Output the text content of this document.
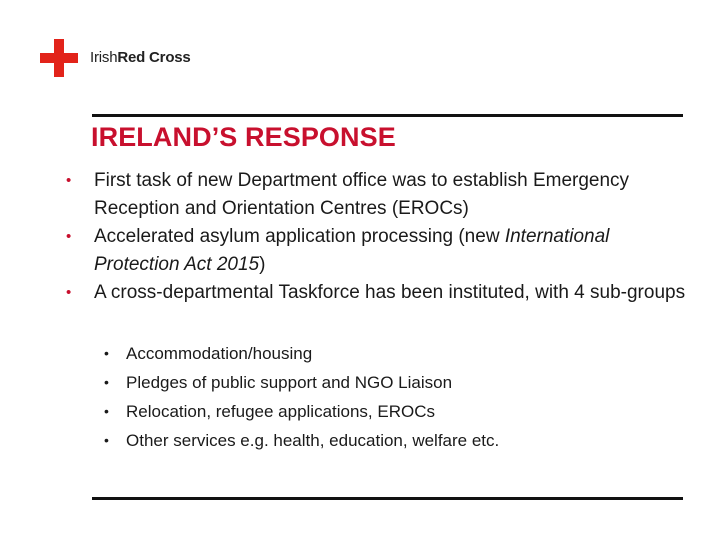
IrishRed Cross
IRELAND’S RESPONSE
• First task of new Department office was to establish Emergency Reception and Orientation Centres (EROCs)
• Accelerated asylum application processing (new International Protection Act 2015)
• A cross-departmental Taskforce has been instituted, with 4 sub-groups
• Accommodation/housing
• Pledges of public support and NGO Liaison
• Relocation, refugee applications, EROCs
• Other services e.g. health, education, welfare etc.
